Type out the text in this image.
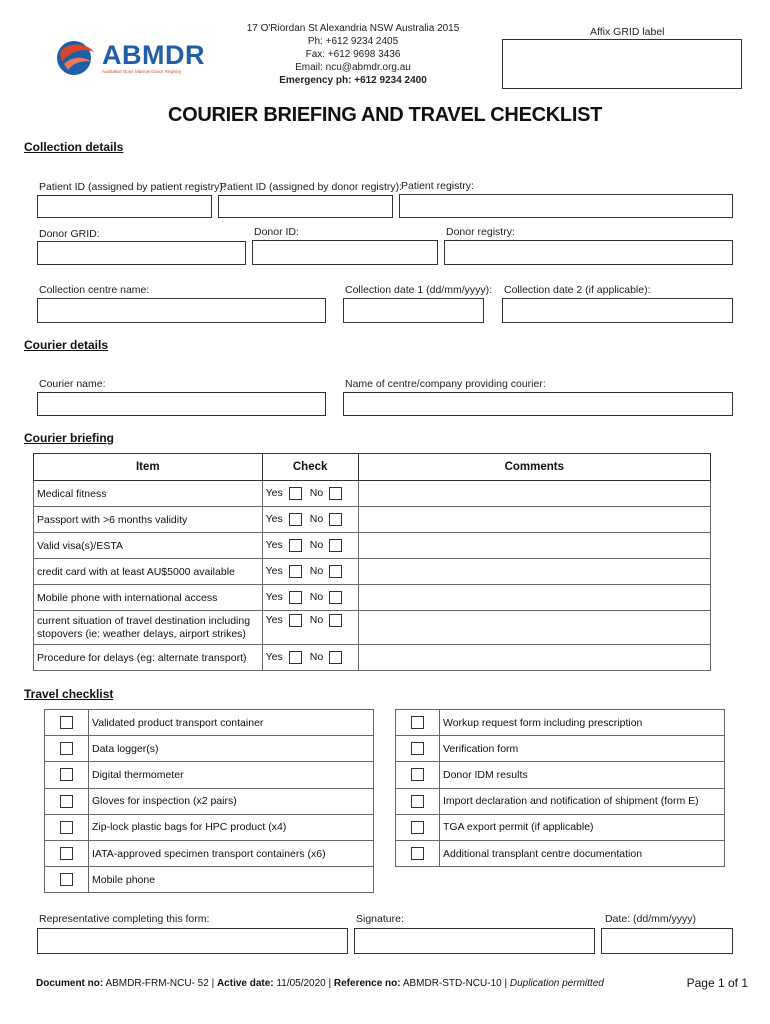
ABMDR
Australian Bone Marrow Donor Registry
17 O'Riordan St Alexandria NSW Australia 2015
Ph: +612 9234 2405
Fax: +612 9698 3436
Email: ncu@abmdr.org.au
Emergency ph: +612 9234 2400
Affix GRID label
COURIER BRIEFING AND TRAVEL CHECKLIST
Collection details
Patient ID (assigned by patient registry):
Patient ID (assigned by donor registry):
Patient registry:
Donor GRID:	Donor ID:	Donor registry:
Collection centre name:	Collection date 1 (dd/mm/yyyy): Collection date 2 (if applicable):
Courier details
Courier name:	Name of centre/company providing courier:
Courier briefing
Item	Check	Comments
Medical fitness	Yes No	
Passport with >6 months validity	Yes No	
Valid visa(s)/ESTA	Yes No	
credit card with at least AU$5000 available	Yes No	
Mobile phone with international access	Yes No	
current situation of travel destination including stopovers (ie: weather delays, airport strikes)	Yes No	
Procedure for delays (eg: alternate transport)	Yes No	
Travel checklist
	Validated product transport container
	Data logger(s)
	Digital thermometer
	Gloves for inspection (x2 pairs)
	Zip-lock plastic bags for HPC product (x4)
	IATA-approved specimen transport containers (x6)
	Mobile phone
	Workup request form including prescription
	Verification form
	Donor IDM results
	Import declaration and notification of shipment (form E)
	TGA export permit (if applicable)
	Additional transplant centre documentation
Representative completing this form:	Signature:	Date: (dd/mm/yyyy)
Document no: ABMDR-FRM-NCU- 52 | Active date: 11/05/2020 | Reference no: ABMDR-STD-NCU-10 | Duplication permitted	Page 1 of 1
